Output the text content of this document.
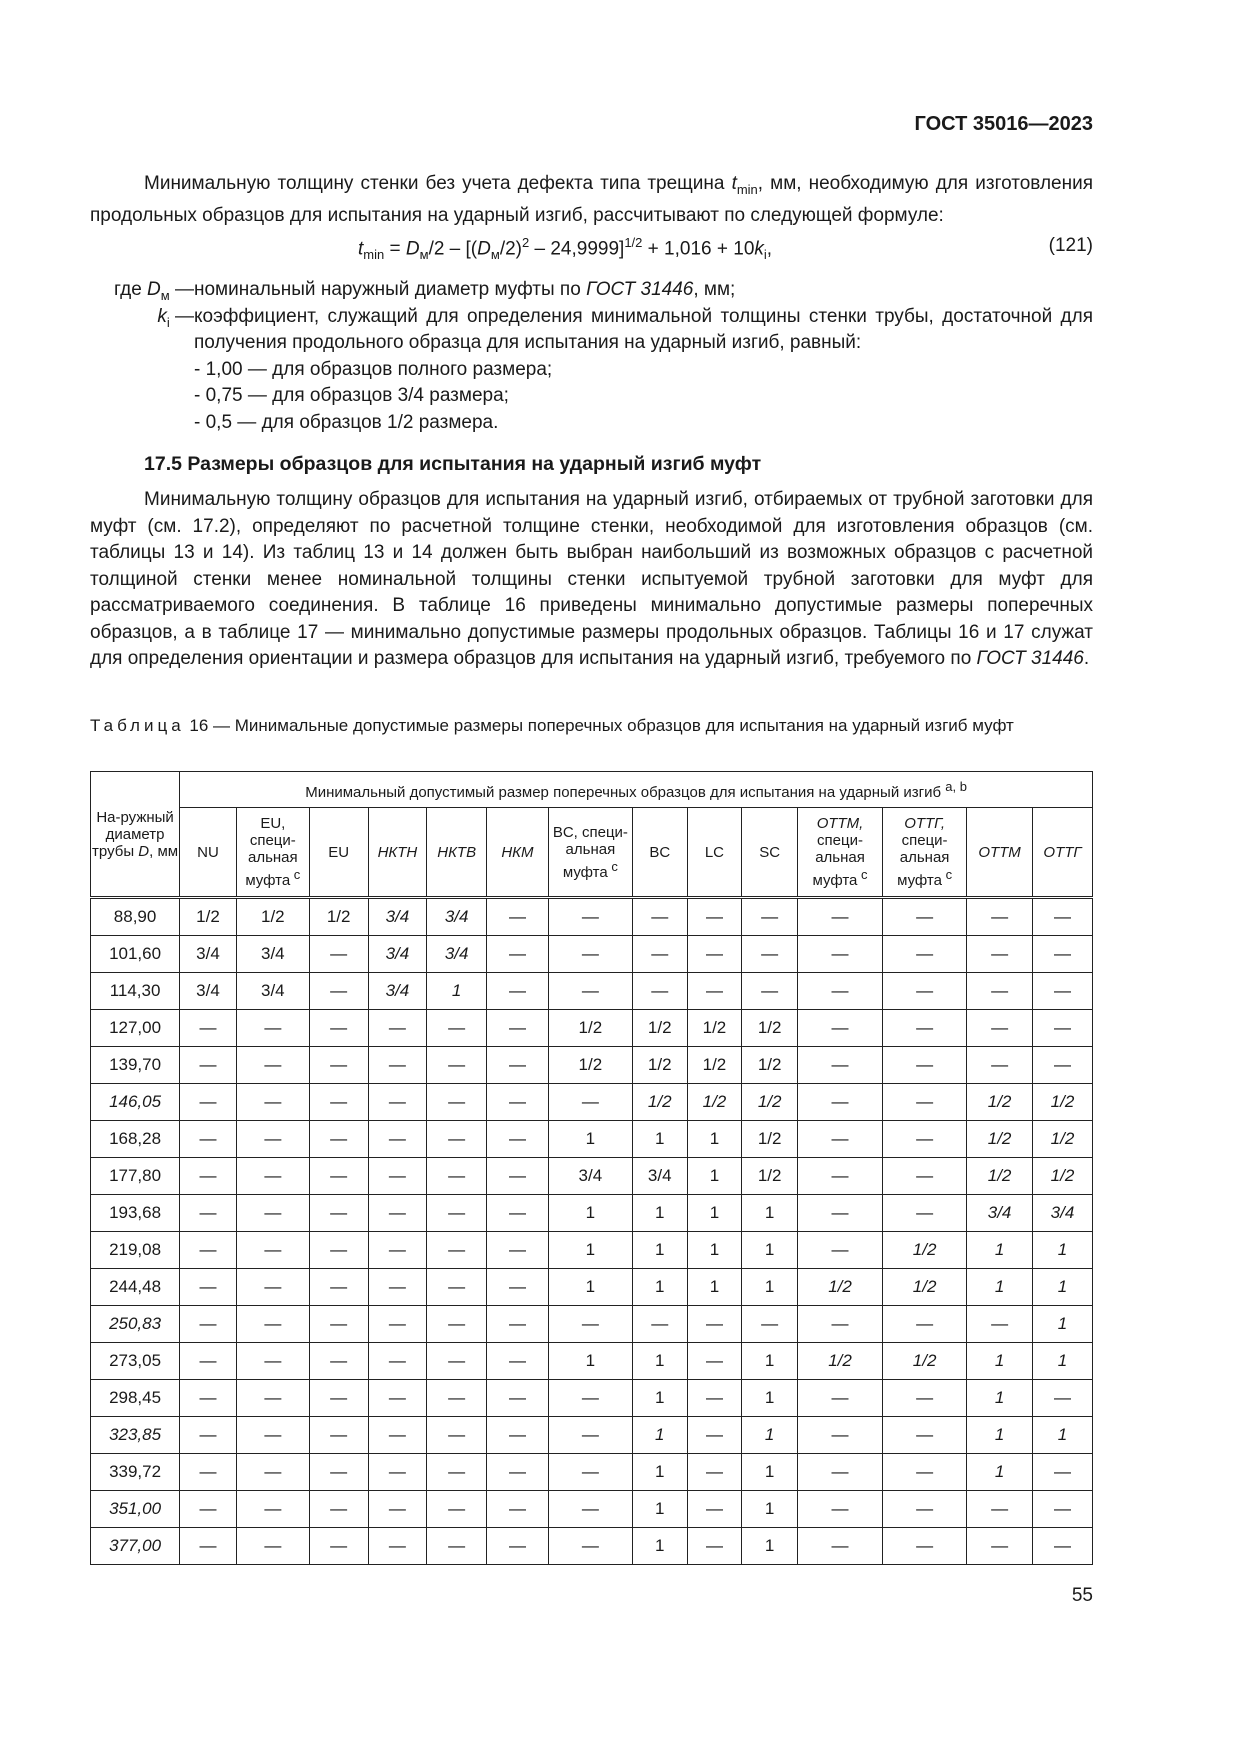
ГОСТ 35016—2023

Минимальную толщину стенки без учета дефекта типа трещина $t_{min}$, мм, необходимую для изготовления продольных образцов для испытания на ударный изгиб, рассчитывают по следующей формуле:

$t_{min} = D_м/2 - [(D_м/2)^2 - 24,9999]^{1/2} + 1,016 + 10k_i$,	(121)
где $D_м$ — номинальный наружный диаметр муфты по ГОСТ 31446, мм;
$k_i$ — коэффициент, служащий для определения минимальной толщины стенки трубы, достаточной для получения продольного образца для испытания на ударный изгиб, равный:
- 1,00 — для образцов полного размера;
- 0,75 — для образцов 3/4 размера;
- 0,5 — для образцов 1/2 размера.
17.5 Размеры образцов для испытания на ударный изгиб муфт

Минимальную толщину образцов для испытания на ударный изгиб, отбираемых от трубной заготовки для муфт (см. 17.2), определяют по расчетной толщине стенки, необходимой для изготовления образцов (см. таблицы 13 и 14). Из таблиц 13 и 14 должен быть выбран наибольший из возможных образцов с расчетной толщиной стенки менее номинальной толщины стенки испытуемой трубной заготовки для муфт для рассматриваемого соединения. В таблице 16 приведены минимально допустимые размеры поперечных образцов, а в таблице 17 — минимально допустимые размеры продольных образцов. Таблицы 16 и 17 служат для определения ориентации и размера образцов для испытания на ударный изгиб, требуемого по ГОСТ 31446.

Таблица 16 — Минимальные допустимые размеры поперечных образцов для испытания на ударный изгиб муфт
На-ружный диаметр трубы D, мм	Минимальный допустимый размер поперечных образцов для испытания на ударный изгиб $^{a, b}$
	NU	EU, специ-альная муфта $^c$	EU	НКТН	НКТВ	НКМ	BC, специ-альная муфта $^c$	BC	LC	SC	OTTM, специ-альная муфта $^c$	OTTГ, специ-альная муфта $^c$	OTTM	OTTГ
88,90	1/2	1/2	1/2	3/4	3/4	—	—	—	—	—	—	—	—	—
101,60	3/4	3/4	—	3/4	3/4	—	—	—	—	—	—	—	—	—
114,30	3/4	3/4	—	3/4	1	—	—	—	—	—	—	—	—	—
127,00	—	—	—	—	—	—	1/2	1/2	1/2	1/2	—	—	—	—
139,70	—	—	—	—	—	—	1/2	1/2	1/2	1/2	—	—	—	—
146,05	—	—	—	—	—	—	—	1/2	1/2	1/2	—	—	1/2	1/2
168,28	—	—	—	—	—	—	1	1	1	1/2	—	—	1/2	1/2
177,80	—	—	—	—	—	—	3/4	3/4	1	1/2	—	—	1/2	1/2
193,68	—	—	—	—	—	—	1	1	1	1	—	—	3/4	3/4
219,08	—	—	—	—	—	—	1	1	1	1	—	1/2	1	1
244,48	—	—	—	—	—	—	1	1	1	1	1/2	1/2	1	1
250,83	—	—	—	—	—	—	—	—	—	—	—	—	—	1
273,05	—	—	—	—	—	—	1	1	—	1	1/2	1/2	1	1
298,45	—	—	—	—	—	—	—	1	—	1	—	—	1	—
323,85	—	—	—	—	—	—	—	1	—	1	—	—	1	1
339,72	—	—	—	—	—	—	—	1	—	1	—	—	1	—
351,00	—	—	—	—	—	—	—	1	—	1	—	—	—	—
377,00	—	—	—	—	—	—	—	1	—	1	—	—	—	—
55
